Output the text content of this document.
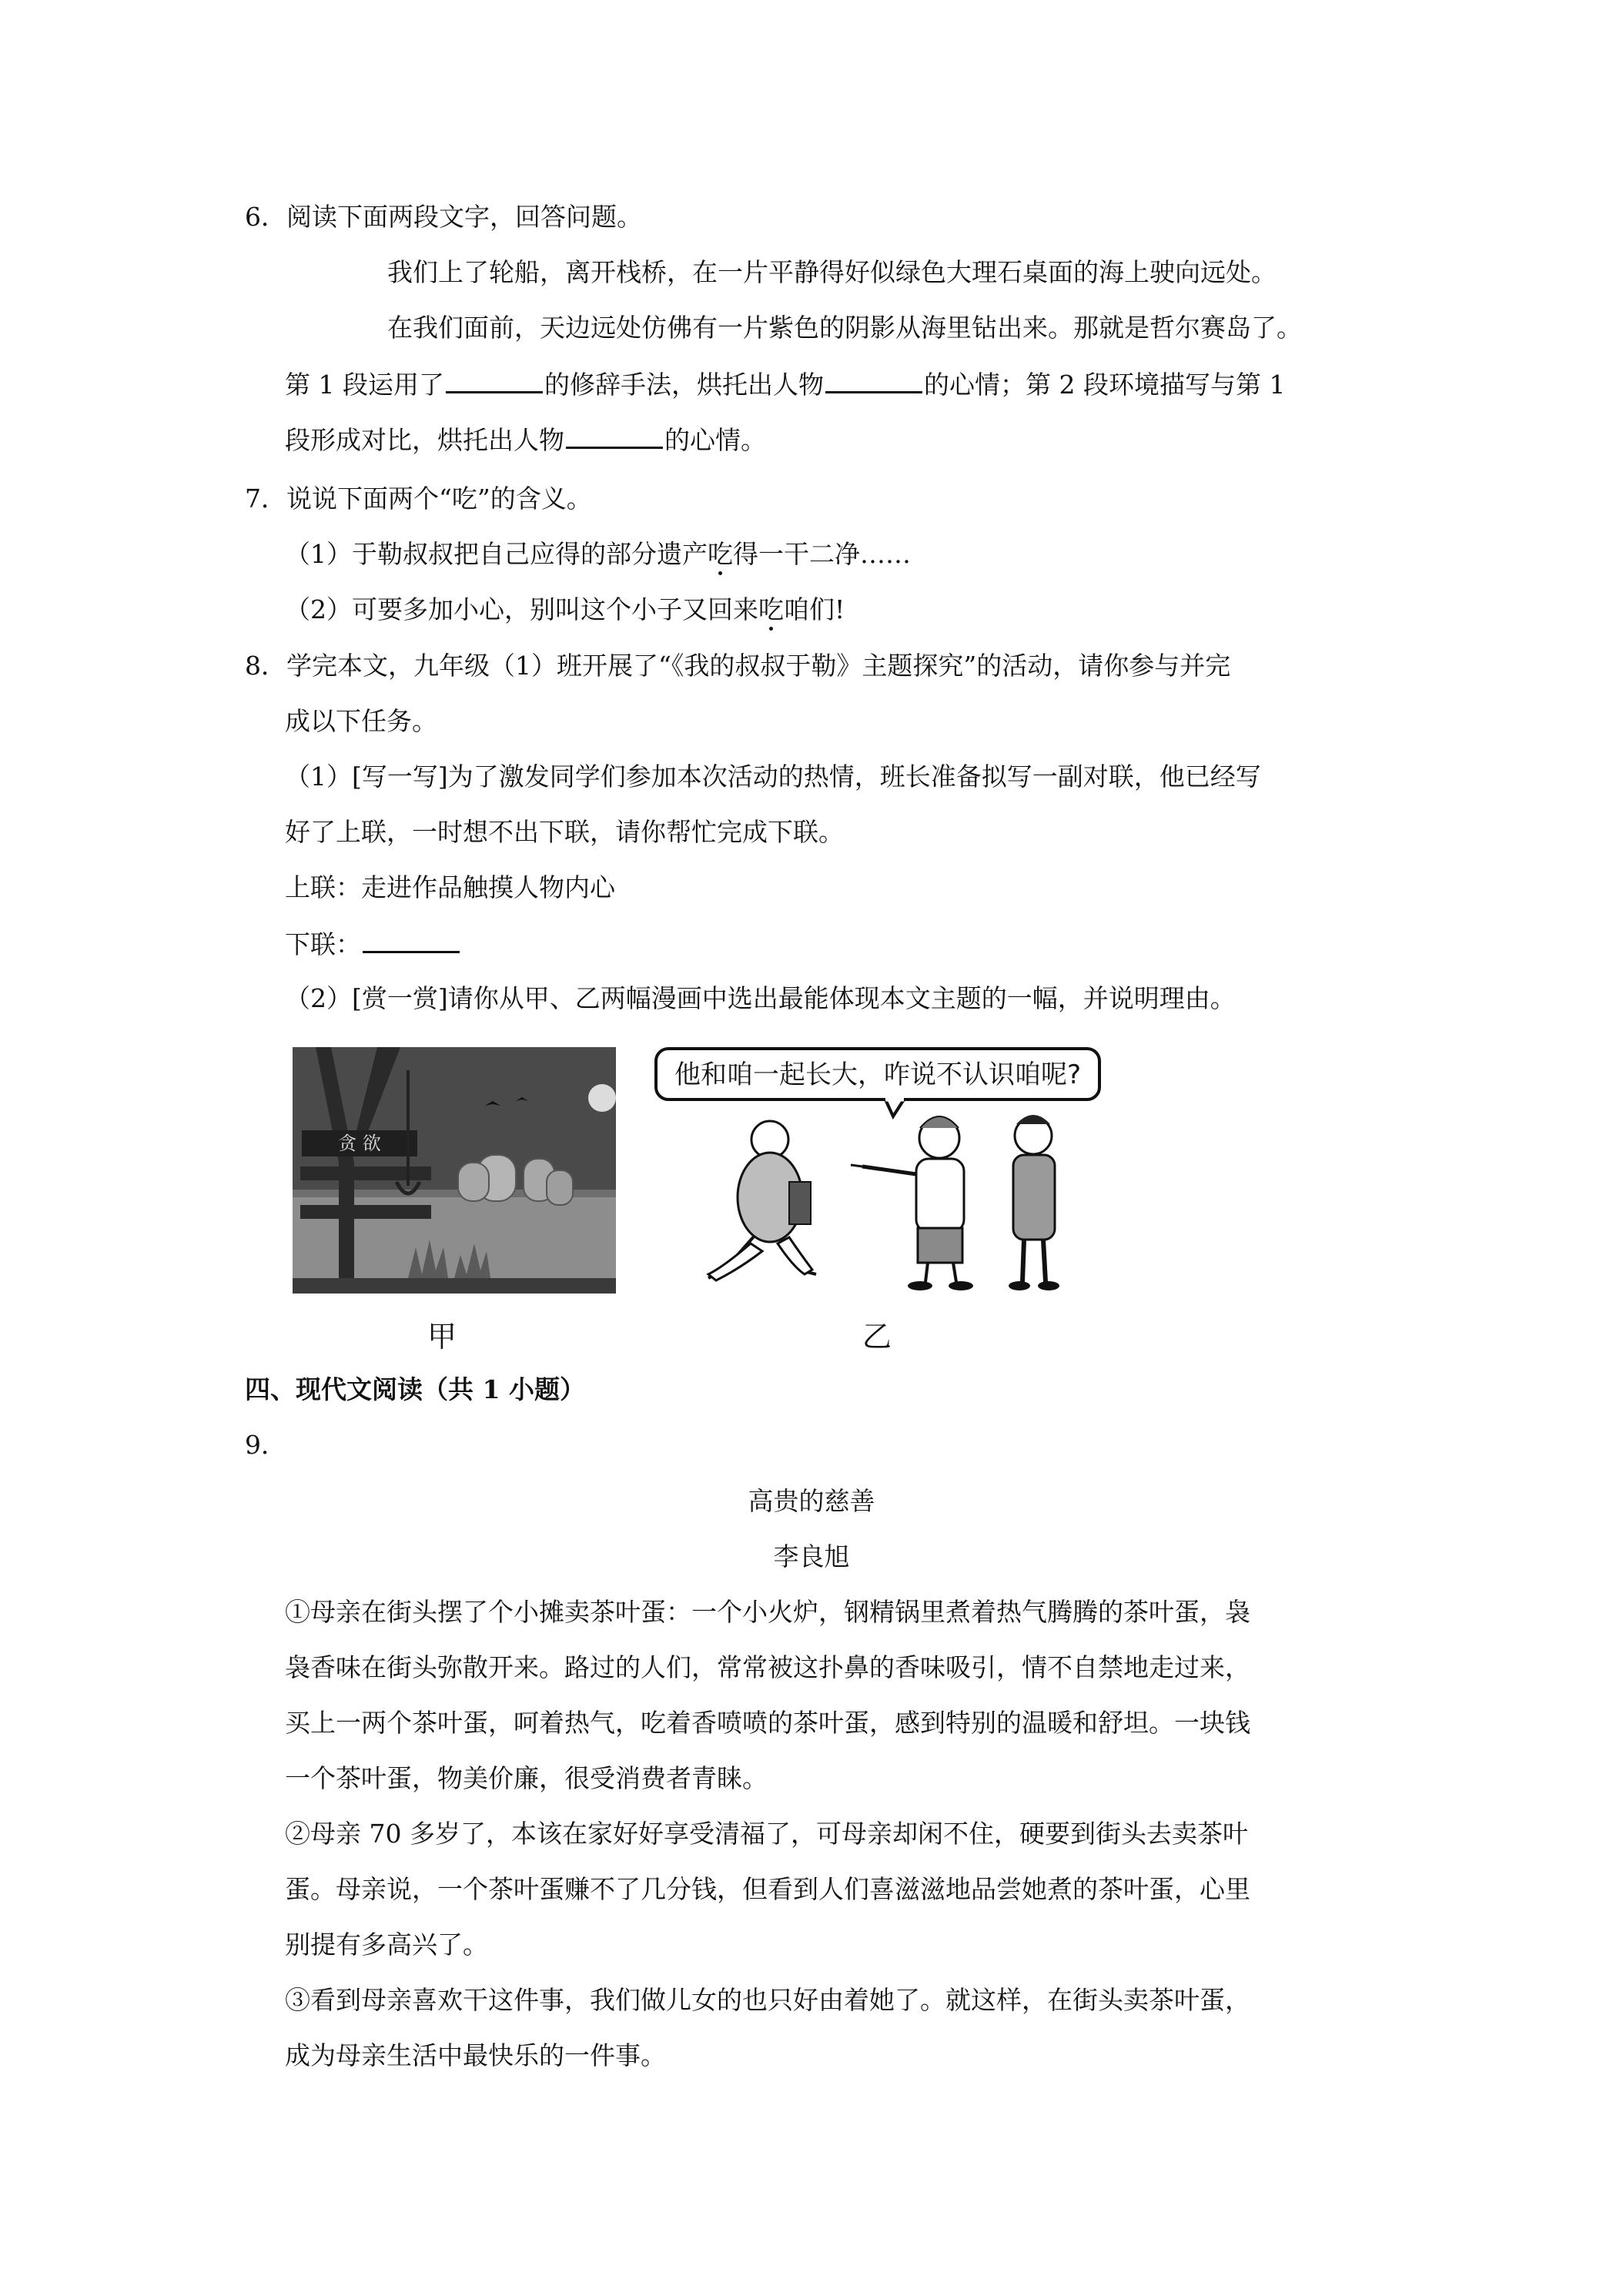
6．阅读下面两段文字，回答问题。
我们上了轮船，离开栈桥，在一片平静得好似绿色大理石桌面的海上驶向远处。
在我们面前，天边远处仿佛有一片紫色的阴影从海里钻出来。那就是哲尔赛岛了。
第 1 段运用了	的修辞手法，烘托出人物	的心情；第 2 段环境描写与第 1
段形成对比，烘托出人物	的心情。
7．说说下面两个“吃”的含义。
（1）于勒叔叔把自己应得的部分遗产吃得一干二净……
（2）可要多加小心，别叫这个小子又回来吃咱们!
8．学完本文，九年级（1）班开展了“《我的叔叔于勒》主题探究”的活动，请你参与并完
成以下任务。
（1）[写一写]为了激发同学们参加本次活动的热情，班长准备拟写一副对联，他已经写
好了上联，一时想不出下联，请你帮忙完成下联。
上联：走进作品触摸人物内心
下联：
（2）[赏一赏]请你从甲、乙两幅漫画中选出最能体现本文主题的一幅，并说明理由。
贪 欲
甲
他和咱一起长大，咋说不认识咱呢?
乙
四、现代文阅读（共 1 小题）
9．
高贵的慈善
李良旭
①母亲在街头摆了个小摊卖茶叶蛋：一个小火炉，钢精锅里煮着热气腾腾的茶叶蛋，袅
袅香味在街头弥散开来。路过的人们，常常被这扑鼻的香味吸引，情不自禁地走过来，
买上一两个茶叶蛋，呵着热气，吃着香喷喷的茶叶蛋，感到特别的温暖和舒坦。一块钱
一个茶叶蛋，物美价廉，很受消费者青睐。
②母亲 70 多岁了，本该在家好好享受清福了，可母亲却闲不住，硬要到街头去卖茶叶
蛋。母亲说，一个茶叶蛋赚不了几分钱，但看到人们喜滋滋地品尝她煮的茶叶蛋，心里
别提有多高兴了。
③看到母亲喜欢干这件事，我们做儿女的也只好由着她了。就这样，在街头卖茶叶蛋，
成为母亲生活中最快乐的一件事。
